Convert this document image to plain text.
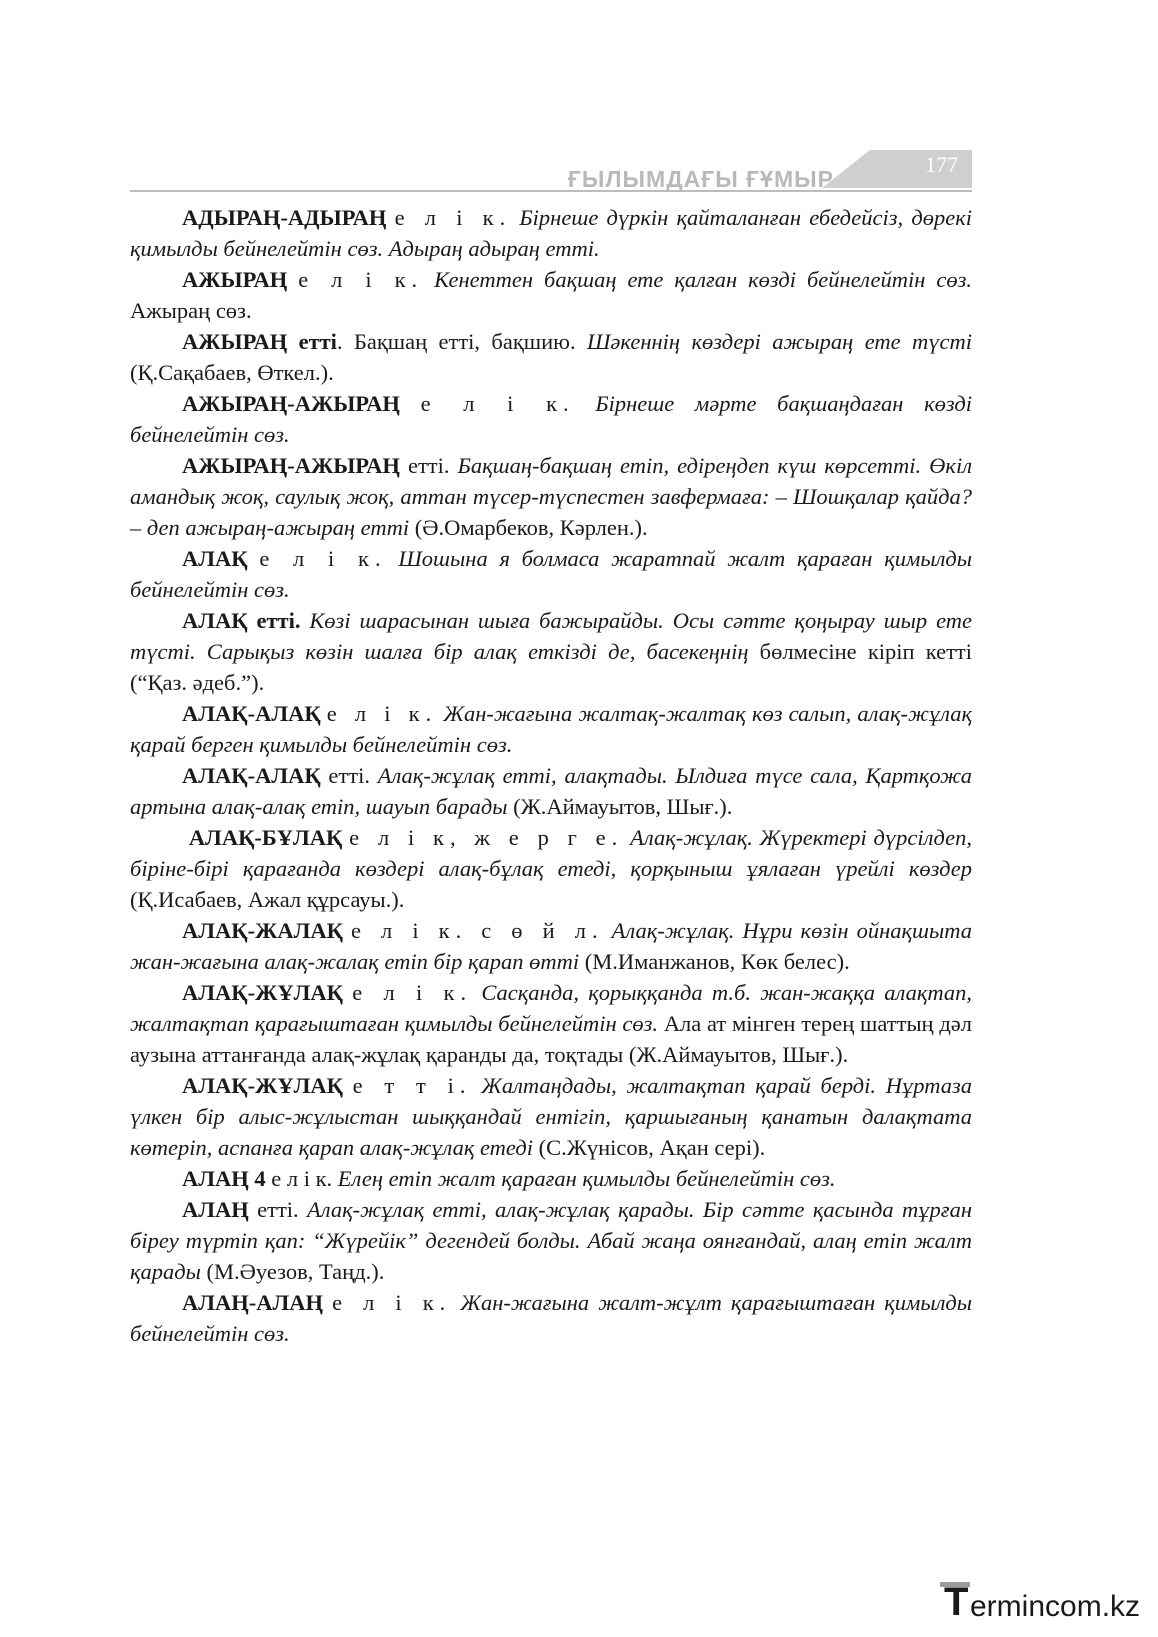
ҒЫЛЫМДАҒЫ ҒҰМЫР
177

АДЫРАҢ-АДЫРАҢ е л і к. Бірнеше дүркін қайталанған ебедейсіз, дөрекі қимылды бейнелейтін сөз. Адыраң адыраң етті.

АЖЫРАҢ е л і к. Кенеттен бақшаң ете қалған көзді бейнелейтін сөз. Ажырaң сөз.

АЖЫРАҢ етті. Бақшаң етті, бақшию. Шәкеннің көздері ажырaң ете түсті (Қ.Сақабаев, Өткел.).

АЖЫРАҢ-АЖЫРАҢ е л і к. Бірнеше мәрте бақшаңдаған көзді бейнелейтін сөз.

АЖЫРАҢ-АЖЫРАҢ етті. Бақшаң-бақшаң етіп, едіреңдеп күш көрсетті. Өкіл амандық жоқ, саулық жоқ, аттан түсер-түспестен завфермаға: – Шошқалар қайда? – деп ажырaң-ажырaң етті (Ә.Омарбеков, Кәрлен.).

АЛАҚ е л і к. Шошына я болмаса жаратпай жалт қараған қимылды бейнелейтін сөз.

АЛАҚ етті. Көзі шарасынан шыға бажырайды. Осы сәтте қоңырау шыр ете түсті. Сарықыз көзін шалға бір алақ еткізді де, басекеңнің бөлмесіне кіріп кетті (“Қаз. әдеб.”).

АЛАҚ-АЛАҚ е л і к. Жан-жағына жалтақ-жалтақ көз салып, алақ-жұлақ қарай берген қимылды бейнелейтін сөз.

АЛАҚ-АЛАҚ етті. Алақ-жұлақ етті, алақтады. Ылдиға түсе сала, Қартқожа артына алақ-алақ етіп, шауып барады (Ж.Аймауытов, Шығ.).

АЛАҚ-БҰЛАҚ е л і к, ж е р г е. Алақ-жұлақ. Жүректері дүрсілдеп, біріне-бірі қарағанда көздері алақ-бұлақ етеді, қорқыныш ұялаған үрейлі көздер (Қ.Исабаев, Ажал құрсауы.).

АЛАҚ-ЖАЛАҚ е л і к. с ө й л. Алақ-жұлақ. Нұри көзін ойнақшыта жан-жағына алақ-жалақ етіп бір қарап өтті (М.Иманжанов, Көк белес).

АЛАҚ-ЖҰЛАҚ е л і к. Сасқанда, қорыққанда т.б. жан-жаққа алақтап, жалтақтап қарағыштаған қимылды бейнелейтін сөз. Ала ат мінген терең шаттың дәл аузына аттанғанда алақ-жұлақ қаранды да, тоқтады (Ж.Аймауытов, Шығ.).

АЛАҚ-ЖҰЛАҚ е т т і. Жалтаңдады, жалтақтап қарай берді. Нұртаза үлкен бір алыс-жұлыстан шыққандай ентігіп, қаршығаның қанатын далақтата көтеріп, аспанға қарап алақ-жұлақ етеді (С.Жүнісов, Ақан сері).

АЛАҢ 4 е л і к. Елең етіп жалт қараған қимылды бейнелейтін сөз.

АЛАҢ етті. Алақ-жұлақ етті, алақ-жұлақ қарады. Бір сәтте қасында тұрған біреу түртіп қап: “Жүрейік” дегендей болды. Абай жаңа оянғандай, алаң етіп жалт қарады (М.Әуезов, Таңд.).

АЛАҢ-АЛАҢ е л і к. Жан-жағына жалт-жұлт қарағыштаған қимылды бейнелейтін сөз.

T ermincom.kz
